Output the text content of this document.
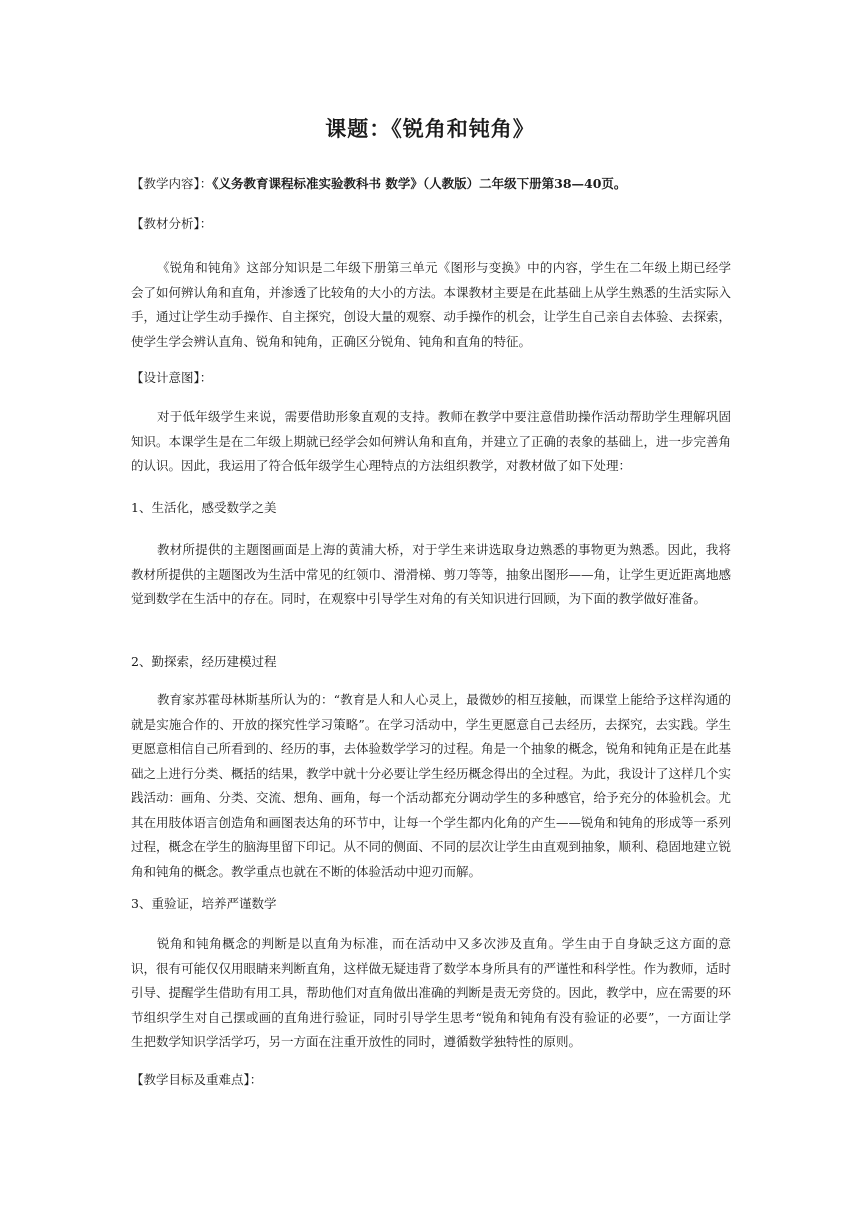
课题：《锐角和钝角》
【教学内容】：《义务教育课程标准实验教科书 数学》（人教版）二年级下册第38—40页。
【教材分析】：

《锐角和钝角》这部分知识是二年级下册第三单元《图形与变换》中的内容，学生在二年级上期已经学会了如何辨认角和直角，并渗透了比较角的大小的方法。本课教材主要是在此基础上从学生熟悉的生活实际入手，通过让学生动手操作、自主探究，创设大量的观察、动手操作的机会，让学生自己亲自去体验、去探索，使学生学会辨认直角、锐角和钝角，正确区分锐角、钝角和直角的特征。

【设计意图】：

对于低年级学生来说，需要借助形象直观的支持。教师在教学中要注意借助操作活动帮助学生理解巩固知识。本课学生是在二年级上期就已经学会如何辨认角和直角，并建立了正确的表象的基础上，进一步完善角的认识。因此，我运用了符合低年级学生心理特点的方法组织教学，对教材做了如下处理：

1、生活化，感受数学之美

教材所提供的主题图画面是上海的黄浦大桥，对于学生来讲选取身边熟悉的事物更为熟悉。因此，我将教材所提供的主题图改为生活中常见的红领巾、滑滑梯、剪刀等等，抽象出图形——角，让学生更近距离地感觉到数学在生活中的存在。同时，在观察中引导学生对角的有关知识进行回顾，为下面的教学做好准备。

2、勤探索，经历建模过程

教育家苏霍母林斯基所认为的：“教育是人和人心灵上，最微妙的相互接触，而课堂上能给予这样沟通的就是实施合作的、开放的探究性学习策略”。在学习活动中，学生更愿意自己去经历，去探究，去实践。学生更愿意相信自己所看到的、经历的事，去体验数学学习的过程。角是一个抽象的概念，锐角和钝角正是在此基础之上进行分类、概括的结果，教学中就十分必要让学生经历概念得出的全过程。为此，我设计了这样几个实践活动：画角、分类、交流、想角、画角，每一个活动都充分调动学生的多种感官，给予充分的体验机会。尤其在用肢体语言创造角和画图表达角的环节中，让每一个学生都内化角的产生——锐角和钝角的形成等一系列过程，概念在学生的脑海里留下印记。从不同的侧面、不同的层次让学生由直观到抽象，顺利、稳固地建立锐角和钝角的概念。教学重点也就在不断的体验活动中迎刃而解。

3、重验证，培养严谨数学

锐角和钝角概念的判断是以直角为标准，而在活动中又多次涉及直角。学生由于自身缺乏这方面的意识，很有可能仅仅用眼睛来判断直角，这样做无疑违背了数学本身所具有的严谨性和科学性。作为教师，适时引导、提醒学生借助有用工具，帮助他们对直角做出准确的判断是责无旁贷的。因此，教学中，应在需要的环节组织学生对自己摆或画的直角进行验证，同时引导学生思考“锐角和钝角有没有验证的必要”，一方面让学生把数学知识学活学巧，另一方面在注重开放性的同时，遵循数学独特性的原则。

【教学目标及重难点】：
